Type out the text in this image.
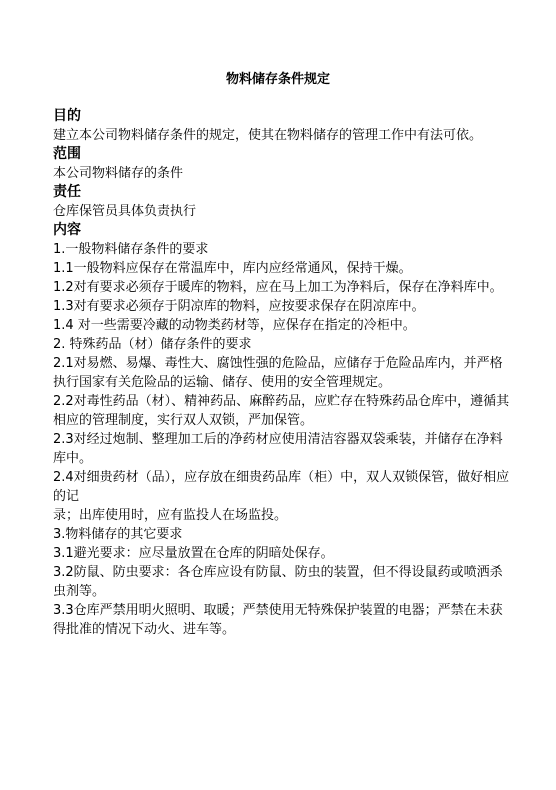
物料储存条件规定

目的

建立本公司物料储存条件的规定，使其在物料储存的管理工作中有法可依。

范围

本公司物料储存的条件

责任

仓库保管员具体负责执行

内容

1.一般物料储存条件的要求

1.1一般物料应保存在常温库中，库内应经常通风，保持干燥。

1.2对有要求必须存于暖库的物料，应在马上加工为净料后，保存在净料库中。

1.3对有要求必须存于阴凉库的物料，应按要求保存在阴凉库中。

1.4 对一些需要冷藏的动物类药材等，应保存在指定的冷柜中。

2. 特殊药品（材）储存条件的要求

2.1对易燃、易爆、毒性大、腐蚀性强的危险品，应储存于危险品库内，并严格执行国家有关危险品的运输、储存、使用的安全管理规定。

2.2对毒性药品（材）、精神药品、麻醉药品，应贮存在特殊药品仓库中，遵循其相应的管理制度，实行双人双锁，严加保管。

2.3对经过炮制、整理加工后的净药材应使用清洁容器双袋乘装，并储存在净料库中。

2.4对细贵药材（品），应存放在细贵药品库（柜）中，双人双锁保管，做好相应的记

录；出库使用时，应有监投人在场监投。

3.物料储存的其它要求

3.1避光要求：应尽量放置在仓库的阴暗处保存。

3.2防鼠、防虫要求：各仓库应设有防鼠、防虫的装置，但不得设鼠药或喷洒杀虫剂等。

3.3仓库严禁用明火照明、取暖；严禁使用无特殊保护装置的电器；严禁在未获得批准的情况下动火、进车等。
